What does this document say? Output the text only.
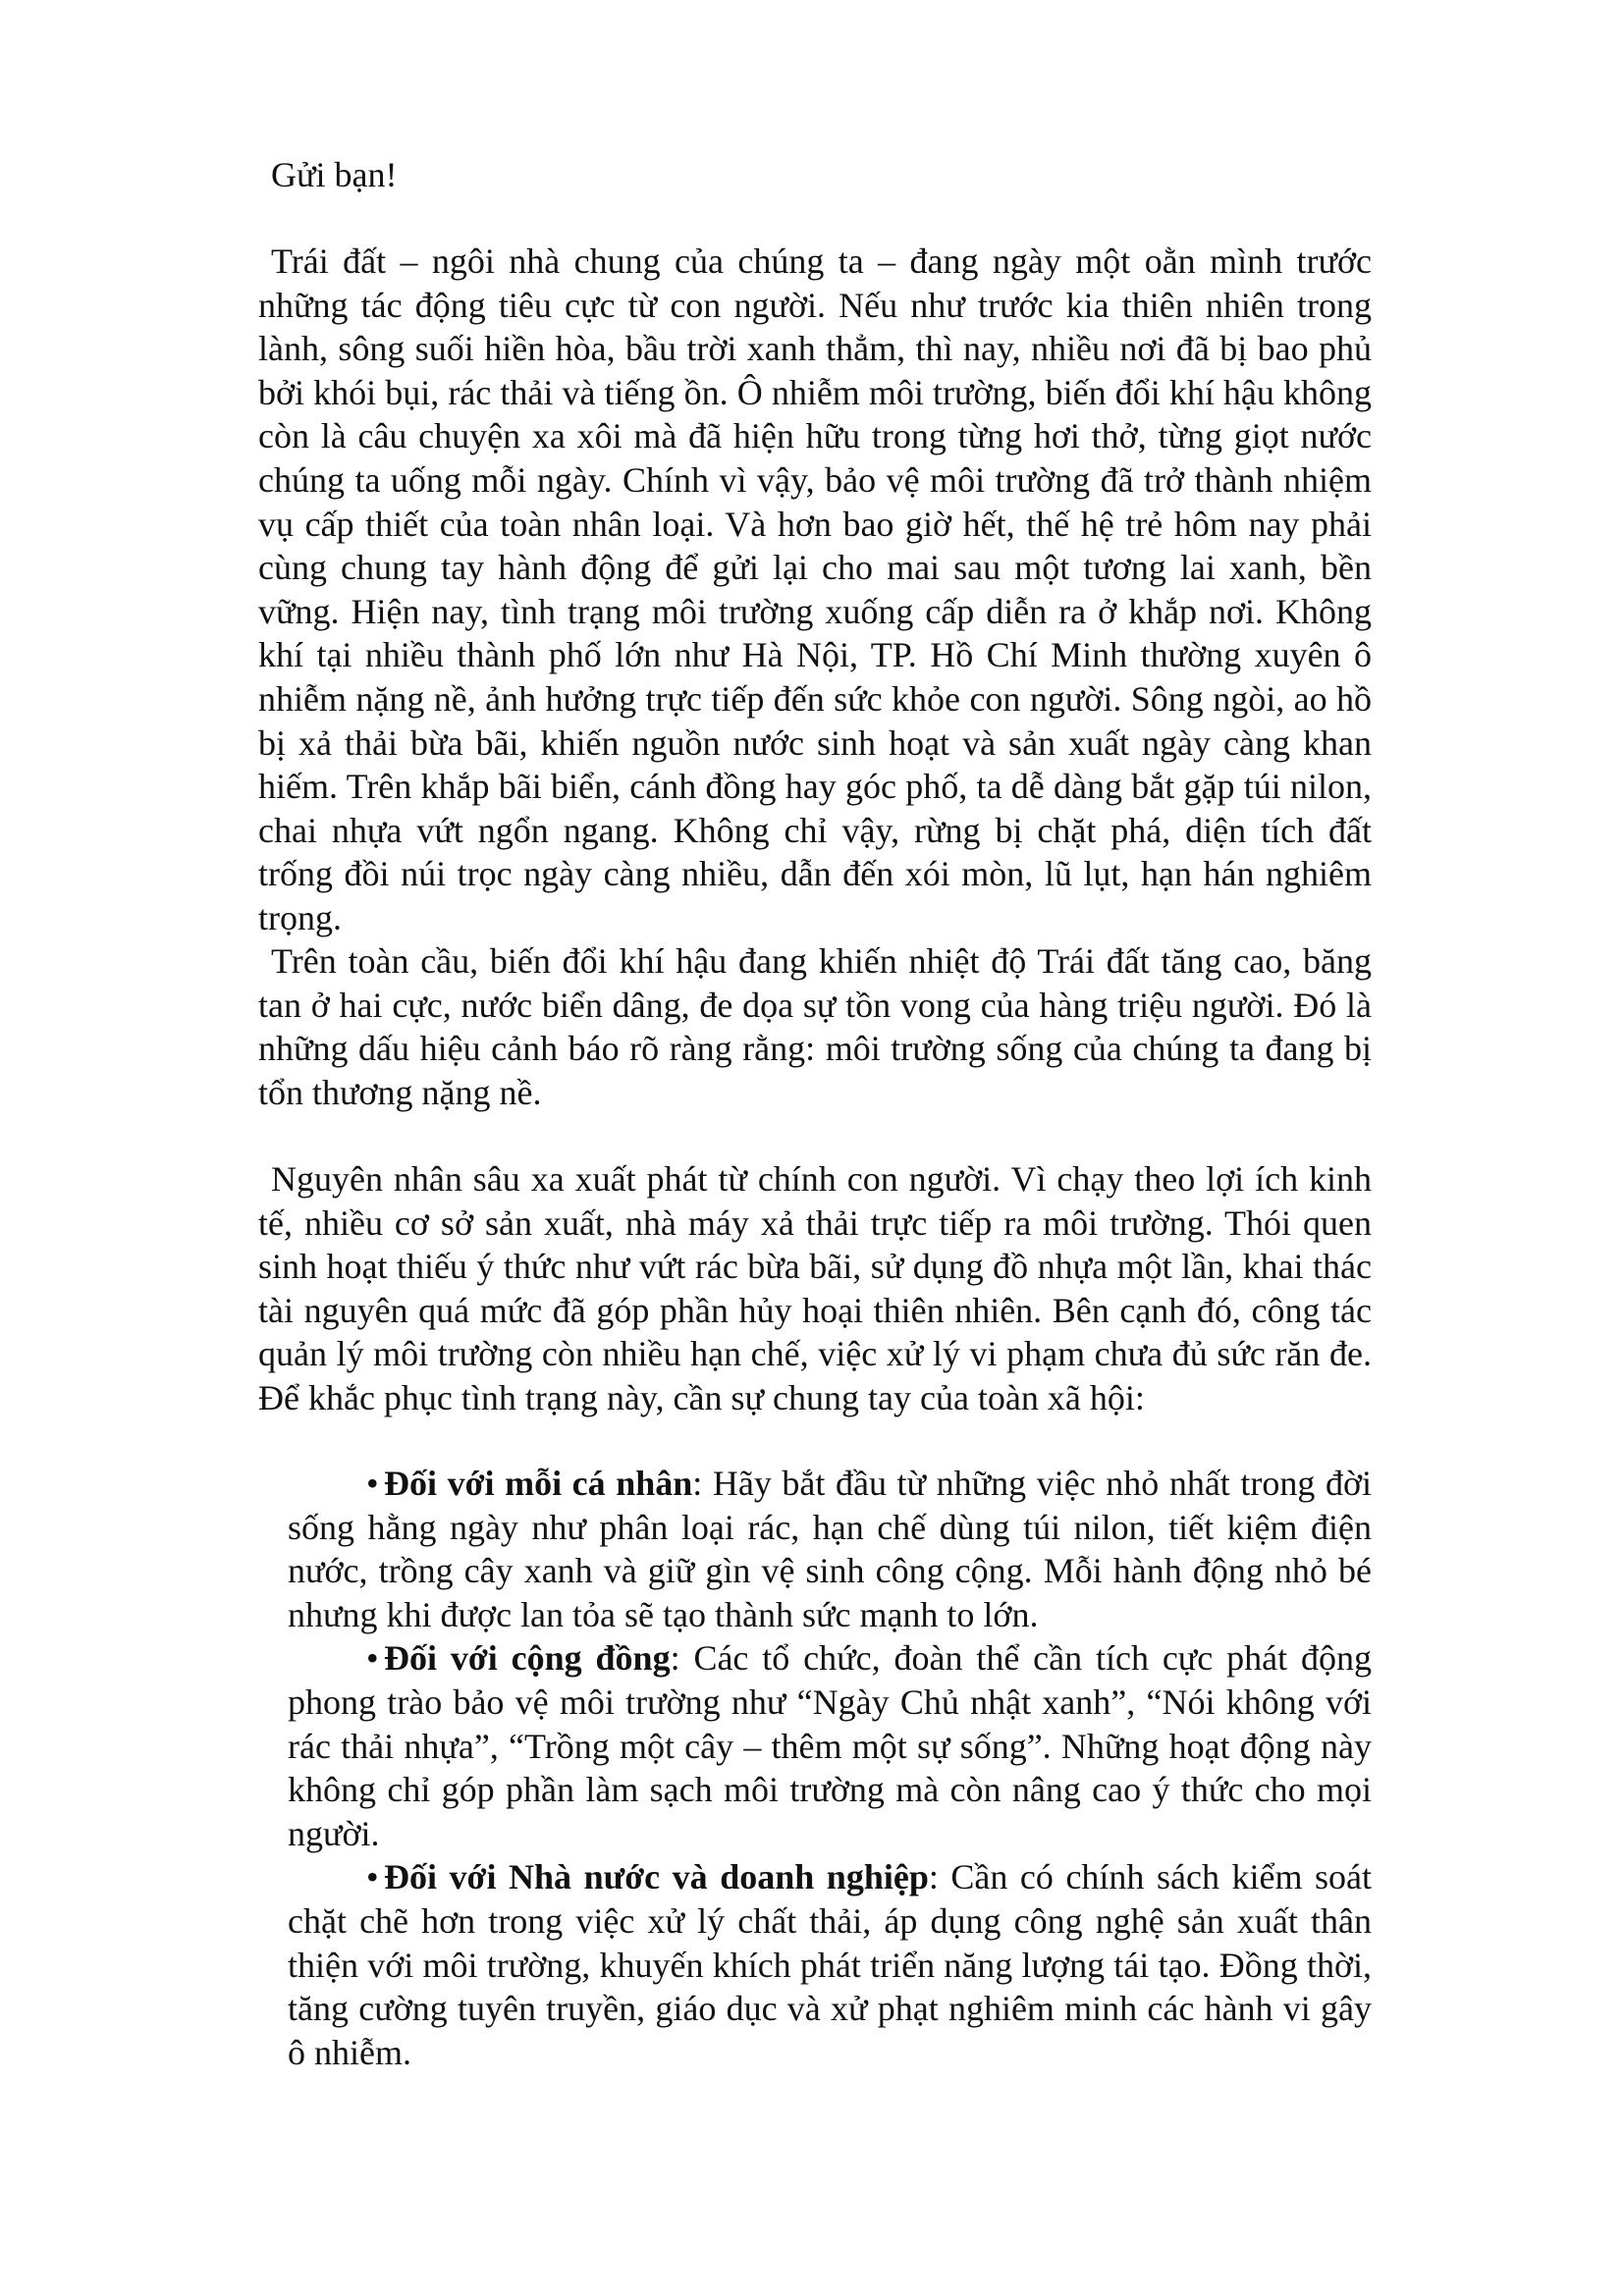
Gửi bạn!

Trái đất – ngôi nhà chung của chúng ta – đang ngày một oằn mình trước những tác động tiêu cực từ con người. Nếu như trước kia thiên nhiên trong lành, sông suối hiền hòa, bầu trời xanh thẳm, thì nay, nhiều nơi đã bị bao phủ bởi khói bụi, rác thải và tiếng ồn. Ô nhiễm môi trường, biến đổi khí hậu không còn là câu chuyện xa xôi mà đã hiện hữu trong từng hơi thở, từng giọt nước chúng ta uống mỗi ngày. Chính vì vậy, bảo vệ môi trường đã trở thành nhiệm vụ cấp thiết của toàn nhân loại. Và hơn bao giờ hết, thế hệ trẻ hôm nay phải cùng chung tay hành động để gửi lại cho mai sau một tương lai xanh, bền vững. Hiện nay, tình trạng môi trường xuống cấp diễn ra ở khắp nơi. Không khí tại nhiều thành phố lớn như Hà Nội, TP. Hồ Chí Minh thường xuyên ô nhiễm nặng nề, ảnh hưởng trực tiếp đến sức khỏe con người. Sông ngòi, ao hồ bị xả thải bừa bãi, khiến nguồn nước sinh hoạt và sản xuất ngày càng khan hiếm. Trên khắp bãi biển, cánh đồng hay góc phố, ta dễ dàng bắt gặp túi nilon, chai nhựa vứt ngổn ngang. Không chỉ vậy, rừng bị chặt phá, diện tích đất trống đồi núi trọc ngày càng nhiều, dẫn đến xói mòn, lũ lụt, hạn hán nghiêm trọng.

Trên toàn cầu, biến đổi khí hậu đang khiến nhiệt độ Trái đất tăng cao, băng tan ở hai cực, nước biển dâng, đe dọa sự tồn vong của hàng triệu người. Đó là những dấu hiệu cảnh báo rõ ràng rằng: môi trường sống của chúng ta đang bị tổn thương nặng nề.

Nguyên nhân sâu xa xuất phát từ chính con người. Vì chạy theo lợi ích kinh tế, nhiều cơ sở sản xuất, nhà máy xả thải trực tiếp ra môi trường. Thói quen sinh hoạt thiếu ý thức như vứt rác bừa bãi, sử dụng đồ nhựa một lần, khai thác tài nguyên quá mức đã góp phần hủy hoại thiên nhiên. Bên cạnh đó, công tác quản lý môi trường còn nhiều hạn chế, việc xử lý vi phạm chưa đủ sức răn đe. Để khắc phục tình trạng này, cần sự chung tay của toàn xã hội:

• Đối với mỗi cá nhân: Hãy bắt đầu từ những việc nhỏ nhất trong đời sống hằng ngày như phân loại rác, hạn chế dùng túi nilon, tiết kiệm điện nước, trồng cây xanh và giữ gìn vệ sinh công cộng. Mỗi hành động nhỏ bé nhưng khi được lan tỏa sẽ tạo thành sức mạnh to lớn.
• Đối với cộng đồng: Các tổ chức, đoàn thể cần tích cực phát động phong trào bảo vệ môi trường như “Ngày Chủ nhật xanh”, “Nói không với rác thải nhựa”, “Trồng một cây – thêm một sự sống”. Những hoạt động này không chỉ góp phần làm sạch môi trường mà còn nâng cao ý thức cho mọi người.
• Đối với Nhà nước và doanh nghiệp: Cần có chính sách kiểm soát chặt chẽ hơn trong việc xử lý chất thải, áp dụng công nghệ sản xuất thân thiện với môi trường, khuyến khích phát triển năng lượng tái tạo. Đồng thời, tăng cường tuyên truyền, giáo dục và xử phạt nghiêm minh các hành vi gây ô nhiễm.
